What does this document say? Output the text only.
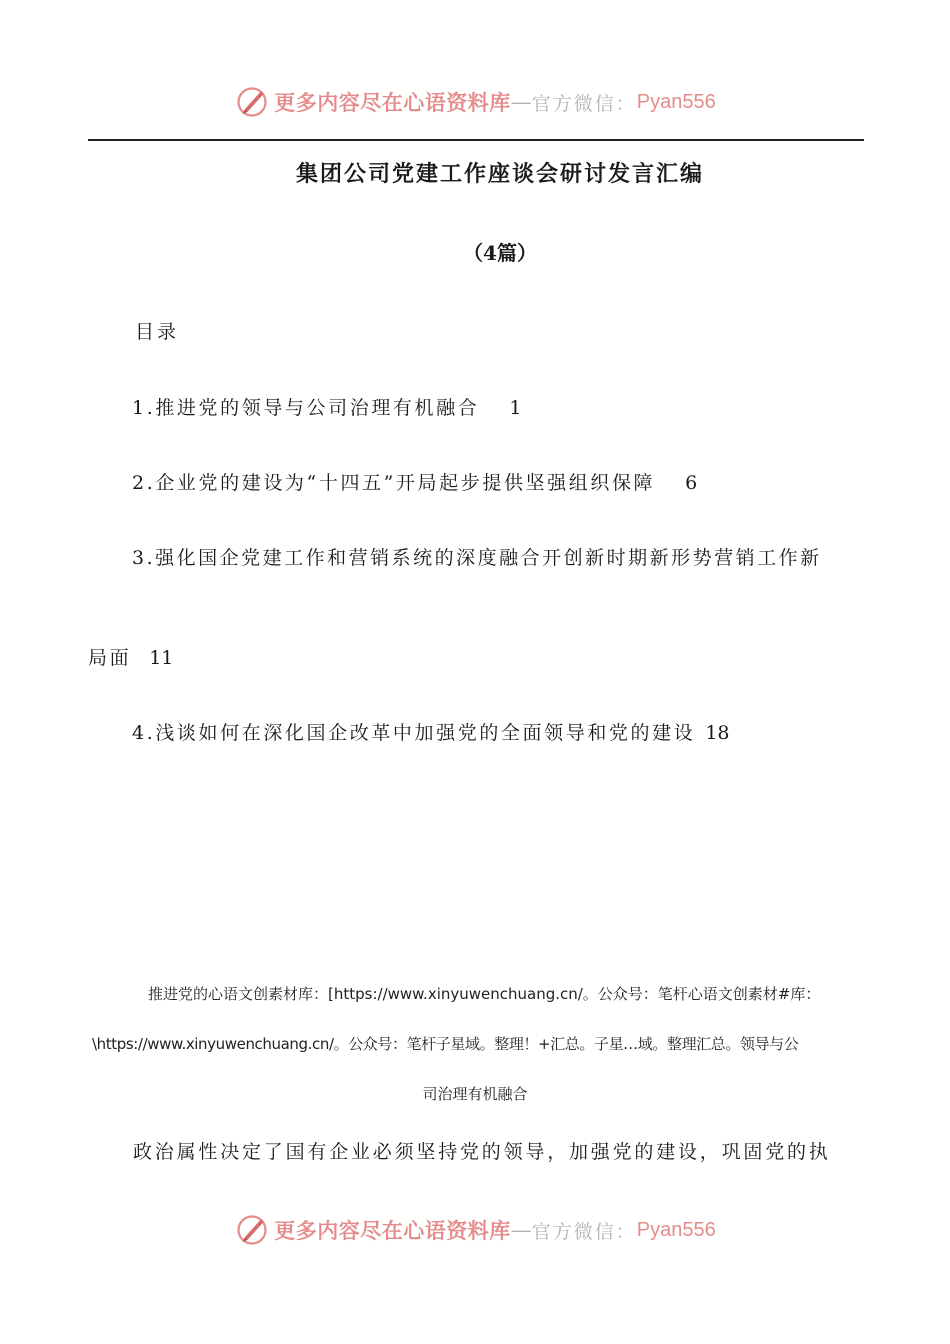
更多内容尽在心语资料库 — 官方微信： Pyan556
集团公司党建工作座谈会研讨发言汇编
（4篇）
目录
1.推进党的领导与公司治理有机融合 1
2.企业党的建设为“十四五”开局起步提供坚强组织保障 6
3.强化国企党建工作和营销系统的深度融合开创新时期新形势营销工作新
局面 11
4.浅谈如何在深化国企改革中加强党的全面领导和党的建设 18
推进党的心语文创素材库：[https://www.xinyuwenchuang.cn/。公众号：笔杆心语文创素材#库：
\https://www.xinyuwenchuang.cn/。公众号：笔杆子星域。整理！+汇总。子星…域。整理汇总。领导与公
司治理有机融合
政治属性决定了国有企业必须坚持党的领导，加强党的建设，巩固党的执
更多内容尽在心语资料库 — 官方微信： Pyan556
